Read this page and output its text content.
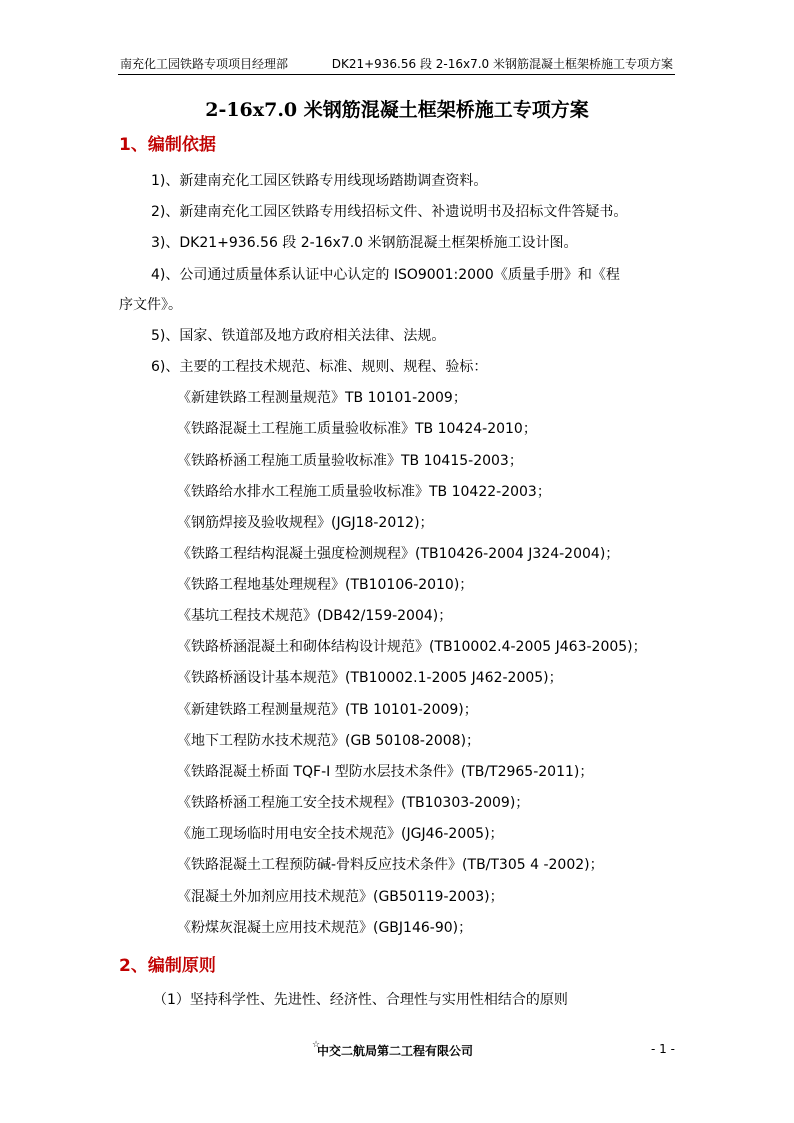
南充化工园铁路专项项目经理部	DK21+936.56 段 2-16x7.0 米钢筋混凝土框架桥施工专项方案
2-16x7.0 米钢筋混凝土框架桥施工专项方案
1、编制依据
1)、新建南充化工园区铁路专用线现场踏勘调查资料。
2)、新建南充化工园区铁路专用线招标文件、补遗说明书及招标文件答疑书。
3)、DK21+936.56 段 2-16x7.0 米钢筋混凝土框架桥施工设计图。
4)、公司通过质量体系认证中心认定的 ISO9001:2000《质量手册》和《程
序文件》。
5)、国家、铁道部及地方政府相关法律、法规。
6)、主要的工程技术规范、标准、规则、规程、验标：
《新建铁路工程测量规范》TB 10101-2009；
《铁路混凝土工程施工质量验收标准》TB 10424-2010；
《铁路桥涵工程施工质量验收标准》TB 10415-2003；
《铁路给水排水工程施工质量验收标准》TB 10422-2003；
《钢筋焊接及验收规程》(JGJ18-2012)；
《铁路工程结构混凝土强度检测规程》(TB10426-2004 J324-2004)；
《铁路工程地基处理规程》(TB10106-2010)；
《基坑工程技术规范》(DB42/159-2004)；
《铁路桥涵混凝土和砌体结构设计规范》(TB10002.4-2005 J463-2005)；
《铁路桥涵设计基本规范》(TB10002.1-2005 J462-2005)；
《新建铁路工程测量规范》(TB 10101-2009)；
《地下工程防水技术规范》(GB 50108-2008)；
《铁路混凝土桥面 TQF-I 型防水层技术条件》(TB/T2965-2011)；
《铁路桥涵工程施工安全技术规程》(TB10303-2009)；
《施工现场临时用电安全技术规范》(JGJ46-2005)；
《铁路混凝土工程预防碱-骨料反应技术条件》(TB/T305 4 -2002)；
《混凝土外加剂应用技术规范》(GB50119-2003)；
《粉煤灰混凝土应用技术规范》(GBJ146-90)；
2、编制原则
（1）坚持科学性、先进性、经济性、合理性与实用性相结合的原则
☆
中交二航局第二工程有限公司	- 1 -
